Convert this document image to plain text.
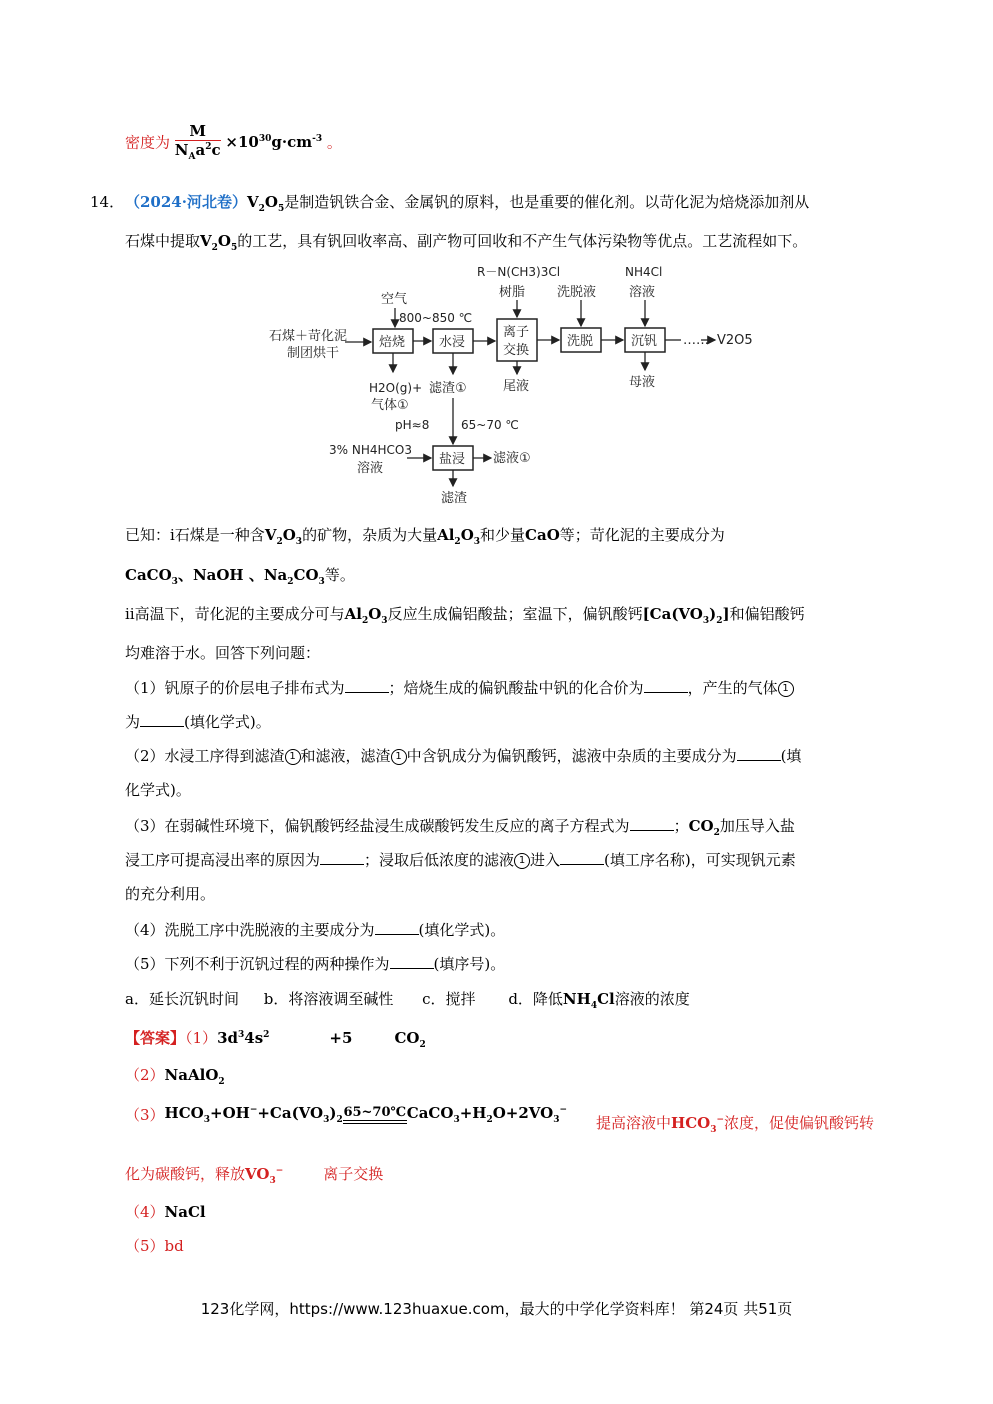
密度为 $\frac{M}{N_Aa^2c} \times 10^{30}g\cdot cm^{-3}$ 。
14． （2024·河北卷）$V_2O_5$是制造钒铁合金、金属钒的原料，也是重要的催化剂。以苛化泥为焙烧添加剂从
石煤中提取$V_2O_5$的工艺，具有钒回收率高、副产物可回收和不产生气体污染物等优点。工艺流程如下。
石煤＋苛化泥
制团烘干
空气
800~850 ℃
焙烧	水浸
离子
交换
洗脱	沉钒
R－N(CH3)3Cl
树脂 洗脱液
NH4Cl
溶液
…… V2O5
H2O(g)+
气体①
滤渣①	尾液	母液
pH≈8	65~70 ℃
3% NH4HCO3
溶液
盐浸 滤液①
滤渣
已知：ⅰ石煤是一种含$V_2O_3$的矿物，杂质为大量$Al_2O_3$和少量CaO等；苛化泥的主要成分为
CaCO$_3$、NaOH 、$Na_2CO_3$等。
ⅱ高温下，苛化泥的主要成分可与$Al_2O_3$反应生成偏铝酸盐；室温下，偏钒酸钙$[Ca(VO_3)_2]$和偏铝酸钙
均难溶于水。回答下列问题：
（1）钒原子的价层电子排布式为	；焙烧生成的偏钒酸盐中钒的化合价为	，产生的气体 1
为	(填化学式)。
（2）水浸工序得到滤渣 1 和滤液，滤渣 1 中含钒成分为偏钒酸钙，滤液中杂质的主要成分为	(填
化学式)。
（3）在弱碱性环境下，偏钒酸钙经盐浸生成碳酸钙发生反应的离子方程式为	；$CO_2$加压导入盐
浸工序可提高浸出率的原因为	；浸取后低浓度的滤液 1 进入	(填工序名称)，可实现钒元素
的充分利用。
（4）洗脱工序中洗脱液的主要成分为	(填化学式)。
（5）下列不利于沉钒过程的两种操作为	(填序号)。
a．延长沉钒时间 b．将溶液调至碱性 c．搅拌 d．降低$NH_4Cl$溶液的浓度
【答案】$(1)3d^34s^2$	+5	$CO_2$
（2）NaAlO$_2$
$(3)HCO_3+OH^-+Ca(VO_3)_2$ 65~70℃ $CaCO_3+H_2O+2VO_3^-$
提高溶液中$HCO_3^-$浓度，促使偏钒酸钙转
化为碳酸钙，释放$VO_3^-$	离子交换
（4）NaCl
（5）bd
123化学网，https://www.123huaxue.com，最大的中学化学资料库！ 第24页 共51页
